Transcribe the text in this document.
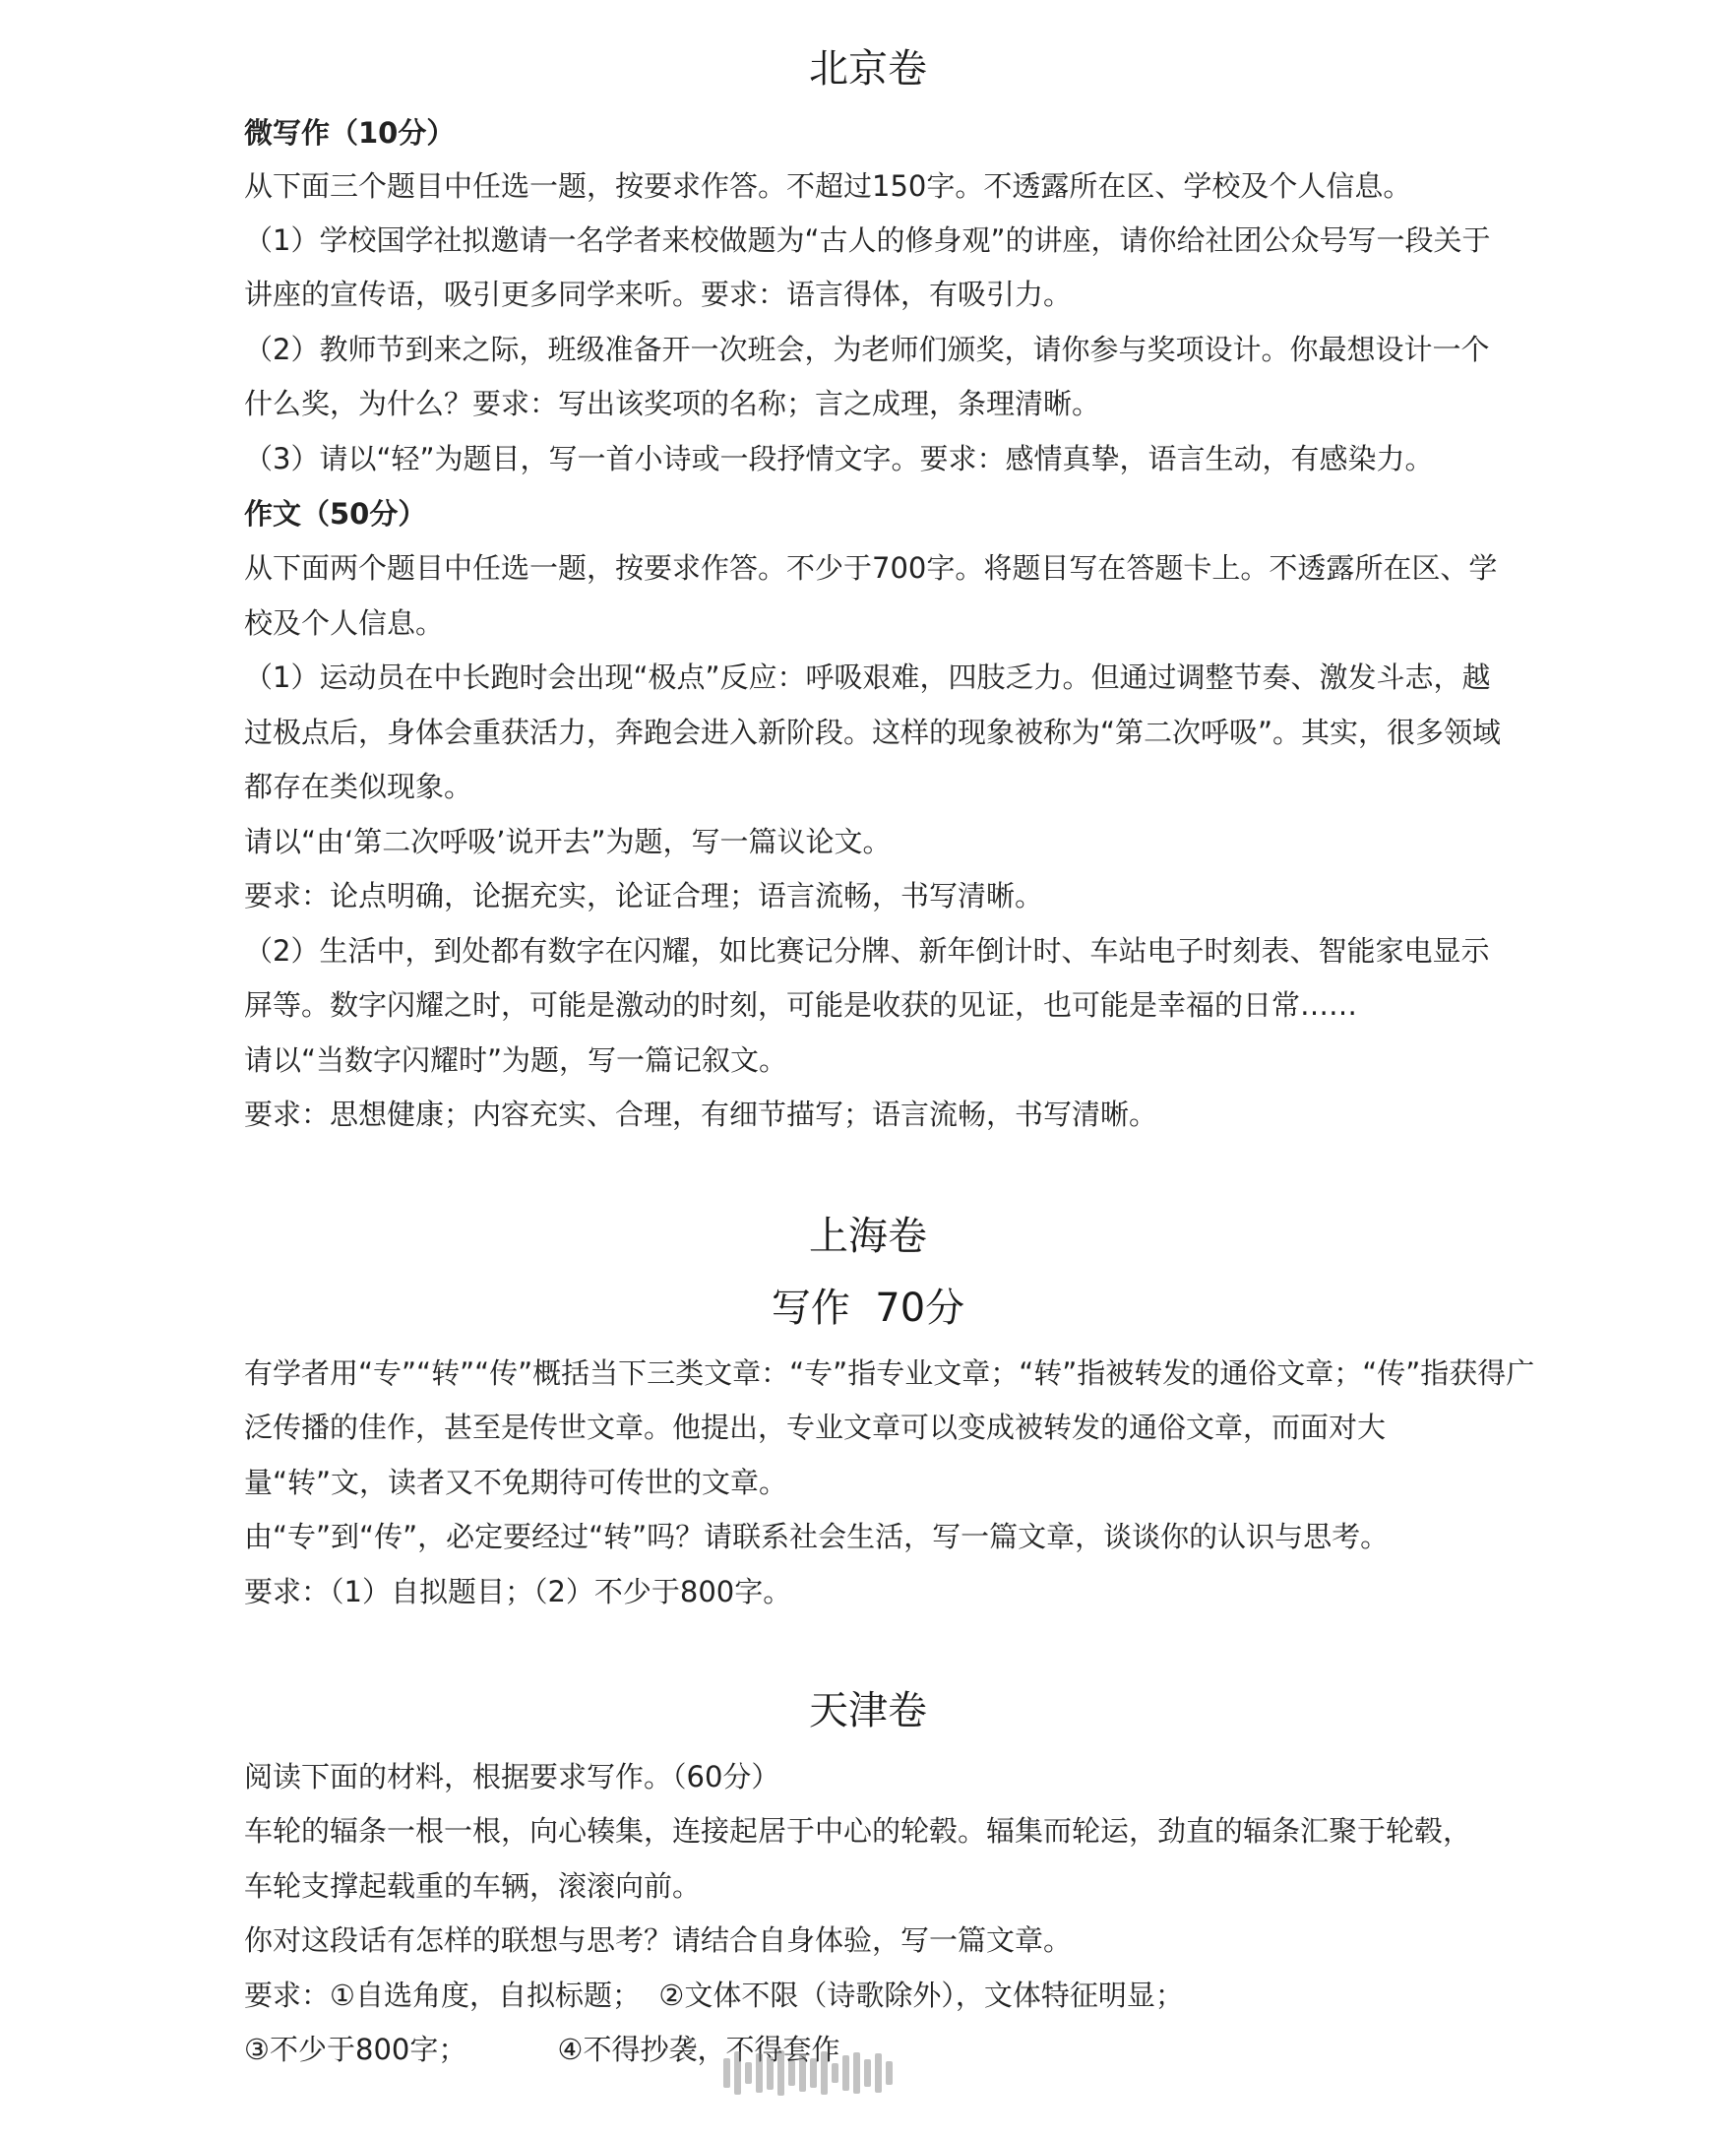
北京卷
微写作（10分）
从下面三个题目中任选一题，按要求作答。不超过150字。不透露所在区、学校及个人信息。
（1）学校国学社拟邀请一名学者来校做题为“古人的修身观”的讲座，请你给社团公众号写一段关于
讲座的宣传语，吸引更多同学来听。要求：语言得体，有吸引力。
（2）教师节到来之际，班级准备开一次班会，为老师们颁奖，请你参与奖项设计。你最想设计一个
什么奖，为什么？要求：写出该奖项的名称；言之成理，条理清晰。
（3）请以“轻”为题目，写一首小诗或一段抒情文字。要求：感情真挚，语言生动，有感染力。
作文（50分）
从下面两个题目中任选一题，按要求作答。不少于700字。将题目写在答题卡上。不透露所在区、学
校及个人信息。
（1）运动员在中长跑时会出现“极点”反应：呼吸艰难，四肢乏力。但通过调整节奏、激发斗志，越
过极点后，身体会重获活力，奔跑会进入新阶段。这样的现象被称为“第二次呼吸”。其实，很多领域
都存在类似现象。
请以“由‘第二次呼吸’说开去”为题，写一篇议论文。
要求：论点明确，论据充实，论证合理；语言流畅，书写清晰。
（2）生活中，到处都有数字在闪耀，如比赛记分牌、新年倒计时、车站电子时刻表、智能家电显示
屏等。数字闪耀之时，可能是激动的时刻，可能是收获的见证，也可能是幸福的日常……
请以“当数字闪耀时”为题，写一篇记叙文。
要求：思想健康；内容充实、合理，有细节描写；语言流畅，书写清晰。
上海卷
写作  70分
有学者用“专”“转”“传”概括当下三类文章：“专”指专业文章；“转”指被转发的通俗文章；“传”指获得广
泛传播的佳作，甚至是传世文章。他提出，专业文章可以变成被转发的通俗文章，而面对大
量“转”文，读者又不免期待可传世的文章。
由“专”到“传”，必定要经过“转”吗？请联系社会生活，写一篇文章，谈谈你的认识与思考。
要求：（1）自拟题目；（2）不少于800字。
天津卷
阅读下面的材料，根据要求写作。（60分）
车轮的辐条一根一根，向心辏集，连接起居于中心的轮毂。辐集而轮运，劲直的辐条汇聚于轮毂，
车轮支撑起载重的车辆，滚滚向前。
你对这段话有怎样的联想与思考？请结合自身体验，写一篇文章。
要求：①自选角度，自拟标题；  ②文体不限（诗歌除外），文体特征明显；
③不少于800字；          ④不得抄袭，不得套作
